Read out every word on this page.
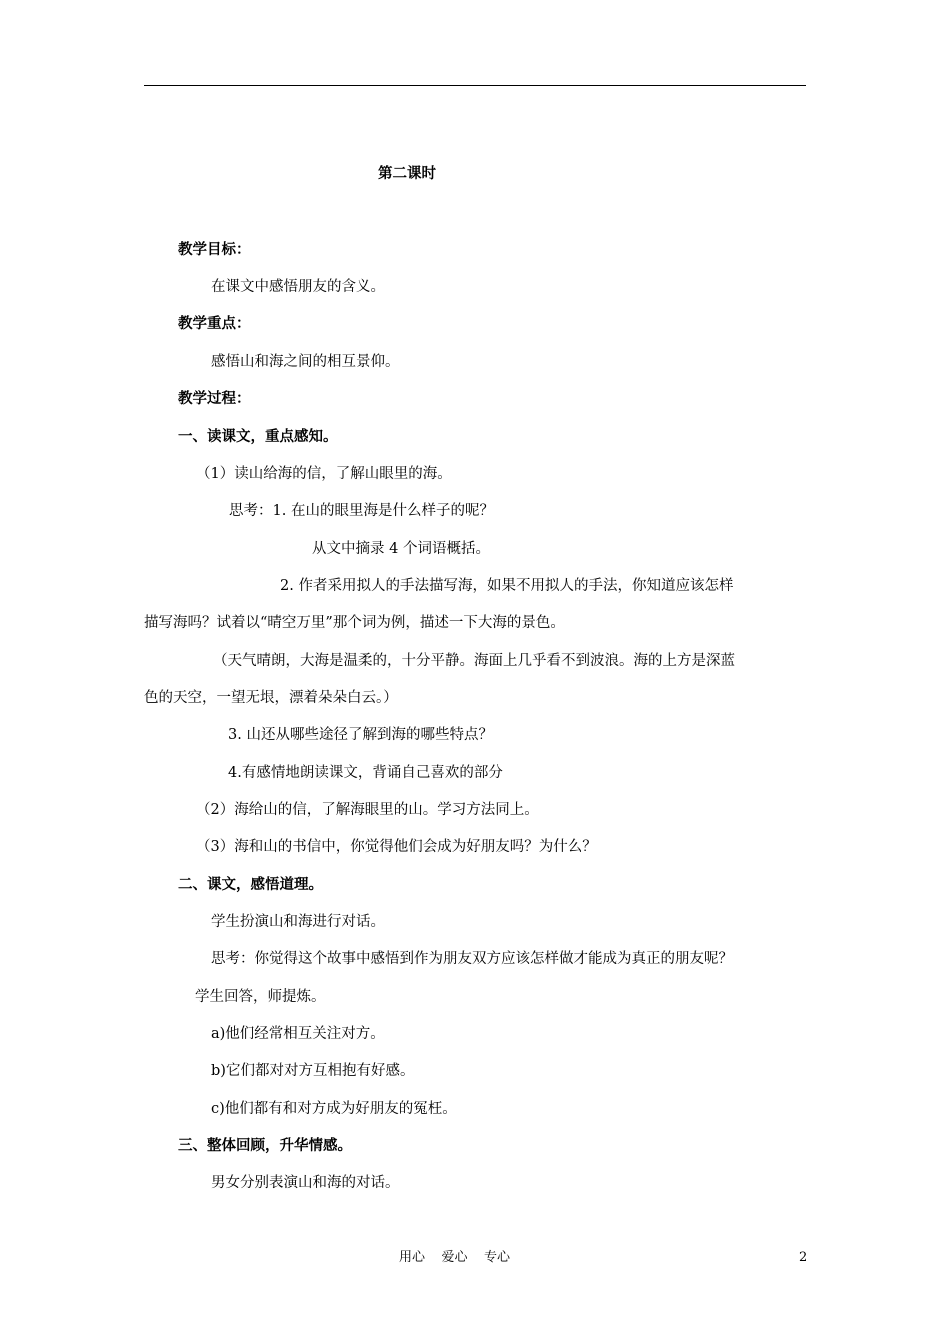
第二课时
教学目标：
在课文中感悟朋友的含义。
教学重点：
感悟山和海之间的相互景仰。
教学过程：
一、读课文，重点感知。
（1）读山给海的信，了解山眼里的海。
思考：1. 在山的眼里海是什么样子的呢？
从文中摘录 4 个词语概括。
2. 作者采用拟人的手法描写海，如果不用拟人的手法，你知道应该怎样
描写海吗？试着以“晴空万里”那个词为例，描述一下大海的景色。
（天气晴朗，大海是温柔的，十分平静。海面上几乎看不到波浪。海的上方是深蓝
色的天空，一望无垠，漂着朵朵白云。）
3. 山还从哪些途径了解到海的哪些特点？
4.有感情地朗读课文，背诵自己喜欢的部分
（2）海给山的信，了解海眼里的山。学习方法同上。
（3）海和山的书信中，你觉得他们会成为好朋友吗？为什么？
二、课文，感悟道理。
学生扮演山和海进行对话。
思考：你觉得这个故事中感悟到作为朋友双方应该怎样做才能成为真正的朋友呢？
学生回答，师提炼。
a)他们经常相互关注对方。
b)它们都对对方互相抱有好感。
c)他们都有和对方成为好朋友的冤枉。
三、整体回顾，升华情感。
男女分别表演山和海的对话。
用心    爱心    专心	2
